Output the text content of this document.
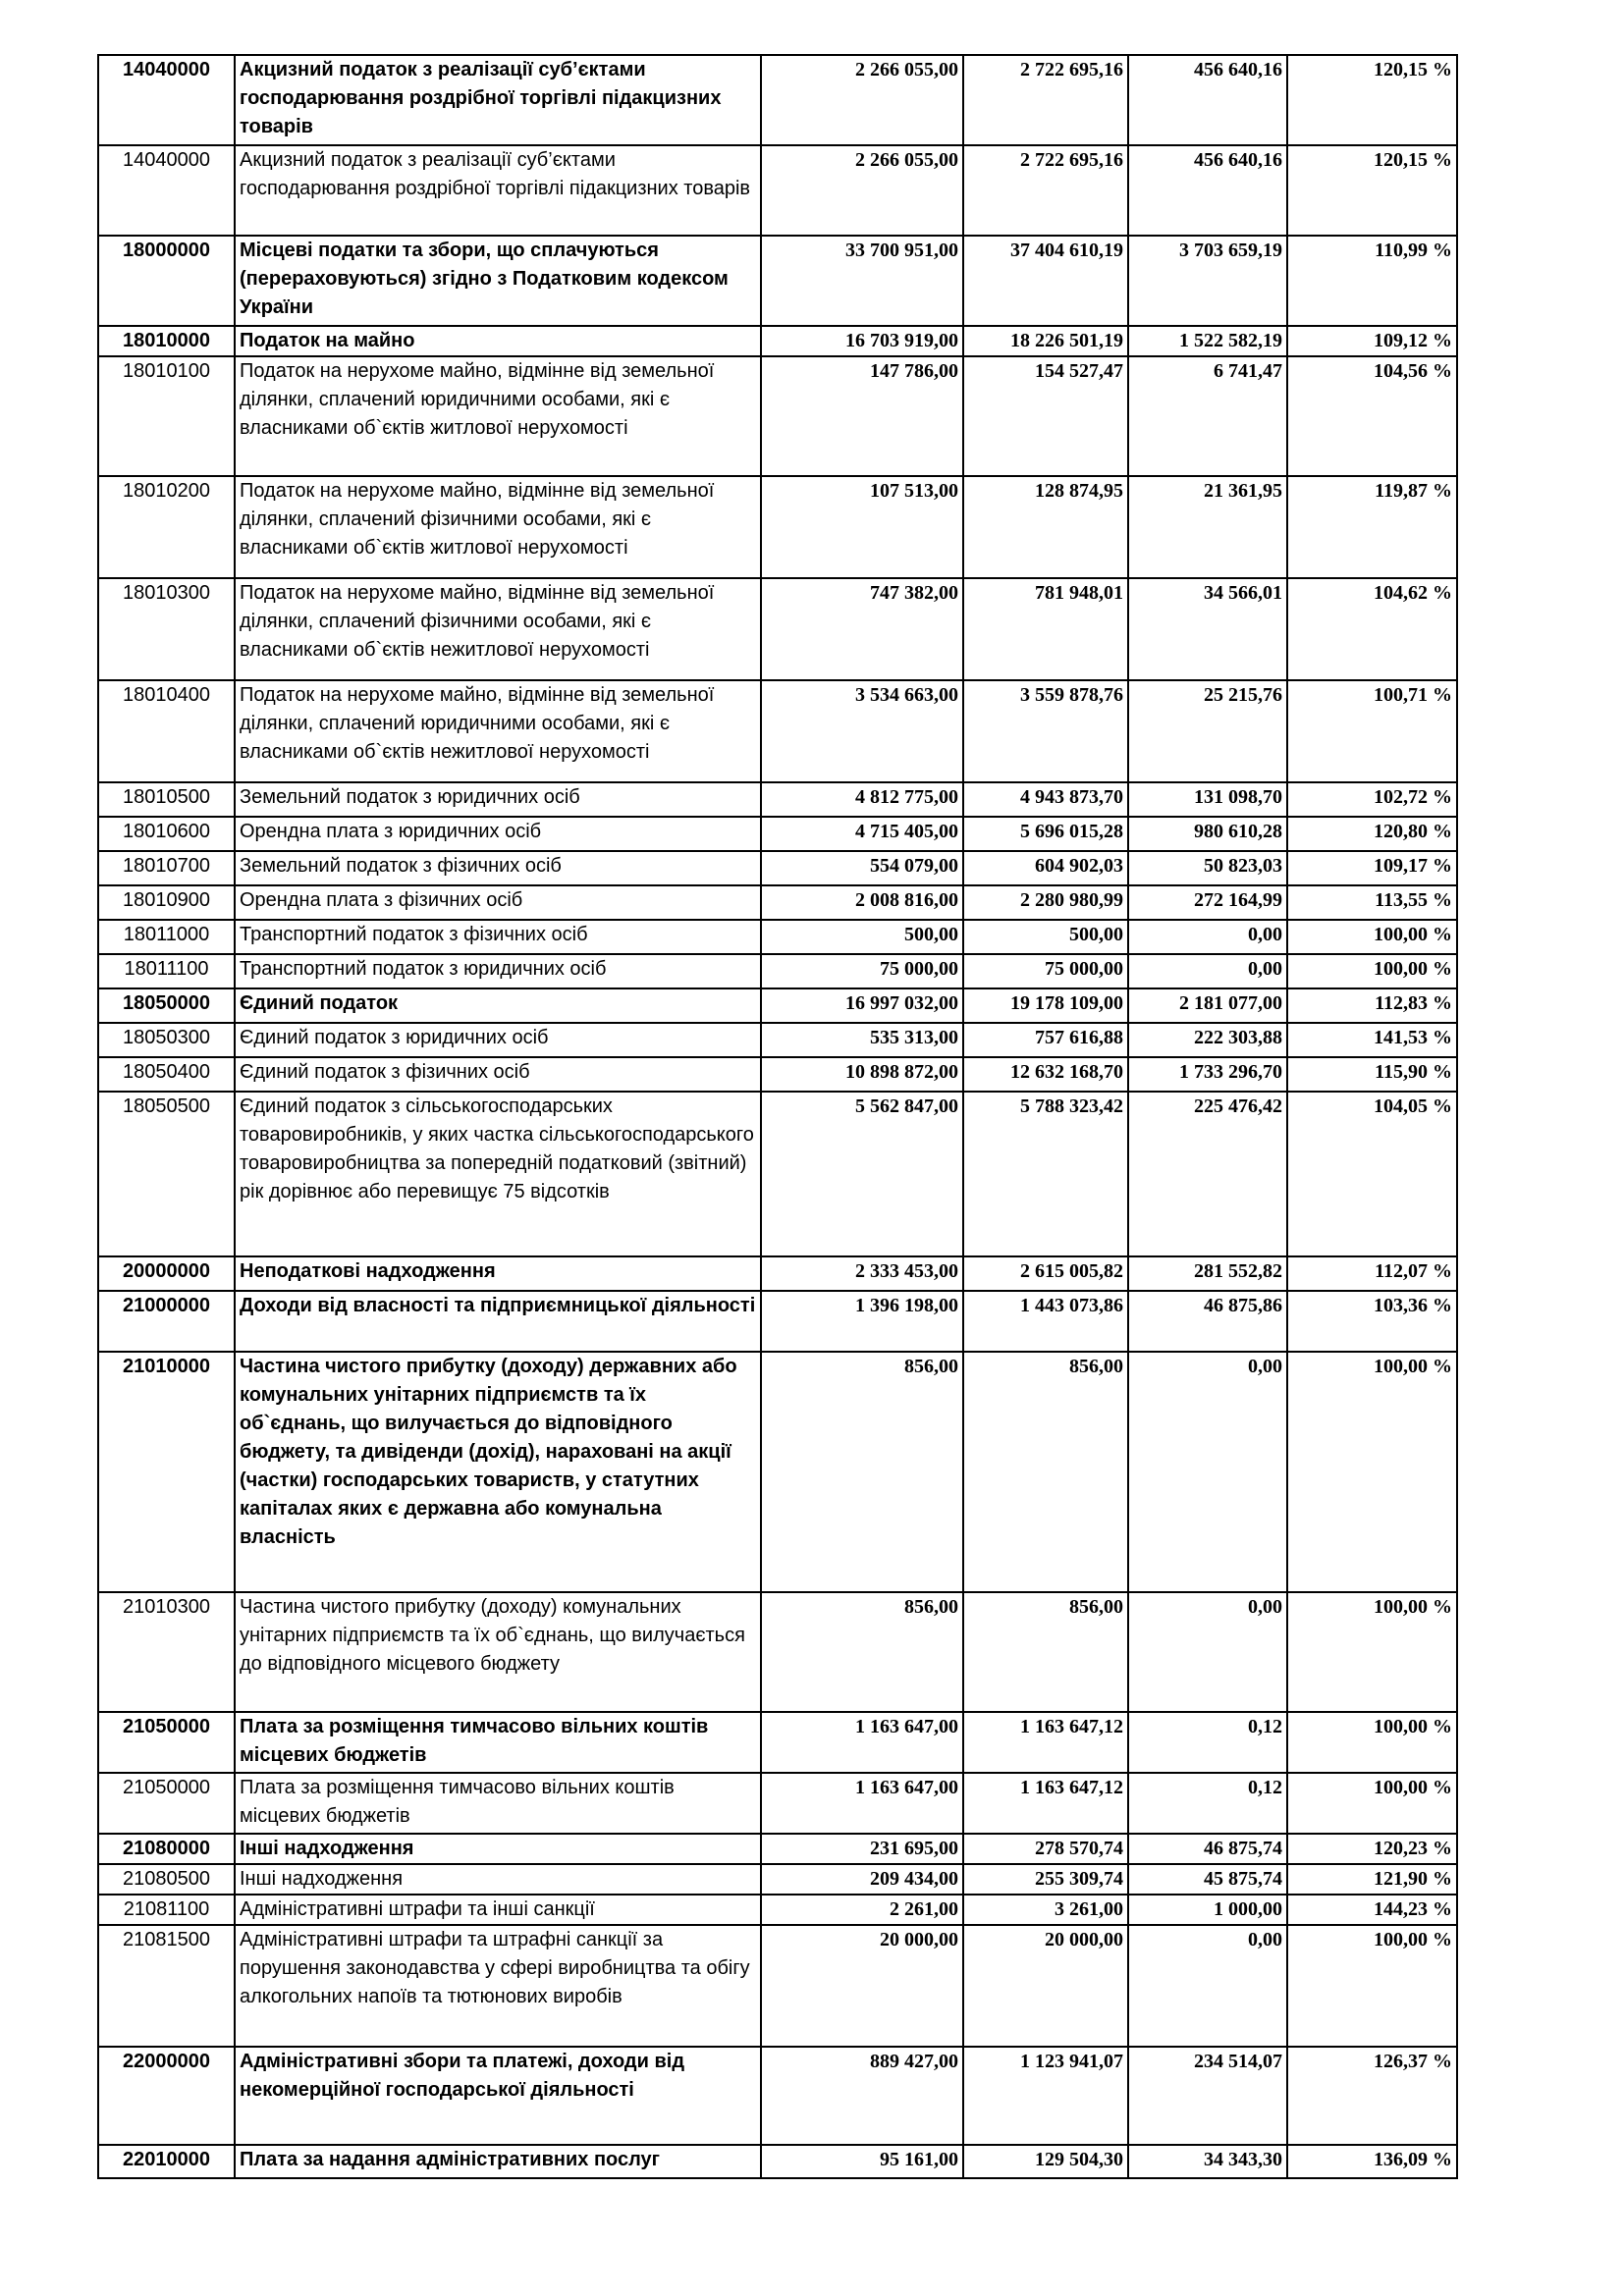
14040000	Акцизний податок з реалізації суб’єктами господарювання роздрібної торгівлі підакцизних товарів	2 266 055,00	2 722 695,16	456 640,16	120,15 %
14040000	Акцизний податок з реалізації суб’єктами господарювання роздрібної торгівлі підакцизних товарів	2 266 055,00	2 722 695,16	456 640,16	120,15 %
18000000	Місцеві податки та збори, що сплачуються (перераховуються) згідно з Податковим кодексом України	33 700 951,00	37 404 610,19	3 703 659,19	110,99 %
18010000	Податок на майно	16 703 919,00	18 226 501,19	1 522 582,19	109,12 %
18010100	Податок на нерухоме майно, відмінне від земельної ділянки, сплачений юридичними особами, які є власниками об`єктів житлової нерухомості	147 786,00	154 527,47	6 741,47	104,56 %
18010200	Податок на нерухоме майно, відмінне від земельної ділянки, сплачений фізичними особами, які є власниками об`єктів житлової нерухомості	107 513,00	128 874,95	21 361,95	119,87 %
18010300	Податок на нерухоме майно, відмінне від земельної ділянки, сплачений фізичними особами, які є власниками об`єктів нежитлової нерухомості	747 382,00	781 948,01	34 566,01	104,62 %
18010400	Податок на нерухоме майно, відмінне від земельної ділянки, сплачений юридичними особами, які є власниками об`єктів нежитлової нерухомості	3 534 663,00	3 559 878,76	25 215,76	100,71 %
18010500	Земельний податок з юридичних осіб	4 812 775,00	4 943 873,70	131 098,70	102,72 %
18010600	Орендна плата з юридичних осіб	4 715 405,00	5 696 015,28	980 610,28	120,80 %
18010700	Земельний податок з фізичних осіб	554 079,00	604 902,03	50 823,03	109,17 %
18010900	Орендна плата з фізичних осіб	2 008 816,00	2 280 980,99	272 164,99	113,55 %
18011000	Транспортний податок з фізичних осіб	500,00	500,00	0,00	100,00 %
18011100	Транспортний податок з юридичних осіб	75 000,00	75 000,00	0,00	100,00 %
18050000	Єдиний податок	16 997 032,00	19 178 109,00	2 181 077,00	112,83 %
18050300	Єдиний податок з юридичних осіб	535 313,00	757 616,88	222 303,88	141,53 %
18050400	Єдиний податок з фізичних осіб	10 898 872,00	12 632 168,70	1 733 296,70	115,90 %
18050500	Єдиний податок з сільськогосподарських товаровиробників, у яких частка сільськогосподарського товаровиробництва за попередній податковий (звітний) рік дорівнює або перевищує 75 відсотків	5 562 847,00	5 788 323,42	225 476,42	104,05 %
20000000	Неподаткові надходження	2 333 453,00	2 615 005,82	281 552,82	112,07 %
21000000	Доходи від власності та підприємницької діяльності	1 396 198,00	1 443 073,86	46 875,86	103,36 %
21010000	Частина чистого прибутку (доходу) державних або комунальних унітарних підприємств та їх об`єднань, що вилучається до відповідного бюджету, та дивіденди (дохід), нараховані на акції (частки) господарських товариств, у статутних капіталах яких є державна або комунальна власність	856,00	856,00	0,00	100,00 %
21010300	Частина чистого прибутку (доходу) комунальних унітарних підприємств та їх об`єднань, що вилучається до відповідного місцевого бюджету	856,00	856,00	0,00	100,00 %
21050000	Плата за розміщення тимчасово вільних коштів місцевих бюджетів	1 163 647,00	1 163 647,12	0,12	100,00 %
21050000	Плата за розміщення тимчасово вільних коштів місцевих бюджетів	1 163 647,00	1 163 647,12	0,12	100,00 %
21080000	Інші надходження	231 695,00	278 570,74	46 875,74	120,23 %
21080500	Інші надходження	209 434,00	255 309,74	45 875,74	121,90 %
21081100	Адміністративні штрафи та інші санкції	2 261,00	3 261,00	1 000,00	144,23 %
21081500	Адміністративні штрафи та штрафні санкції за порушення законодавства у сфері виробництва та обігу алкогольних напоїв та тютюнових виробів	20 000,00	20 000,00	0,00	100,00 %
22000000	Адміністративні збори та платежі, доходи від некомерційної господарської діяльності	889 427,00	1 123 941,07	234 514,07	126,37 %
22010000	Плата за надання адміністративних послуг	95 161,00	129 504,30	34 343,30	136,09 %
